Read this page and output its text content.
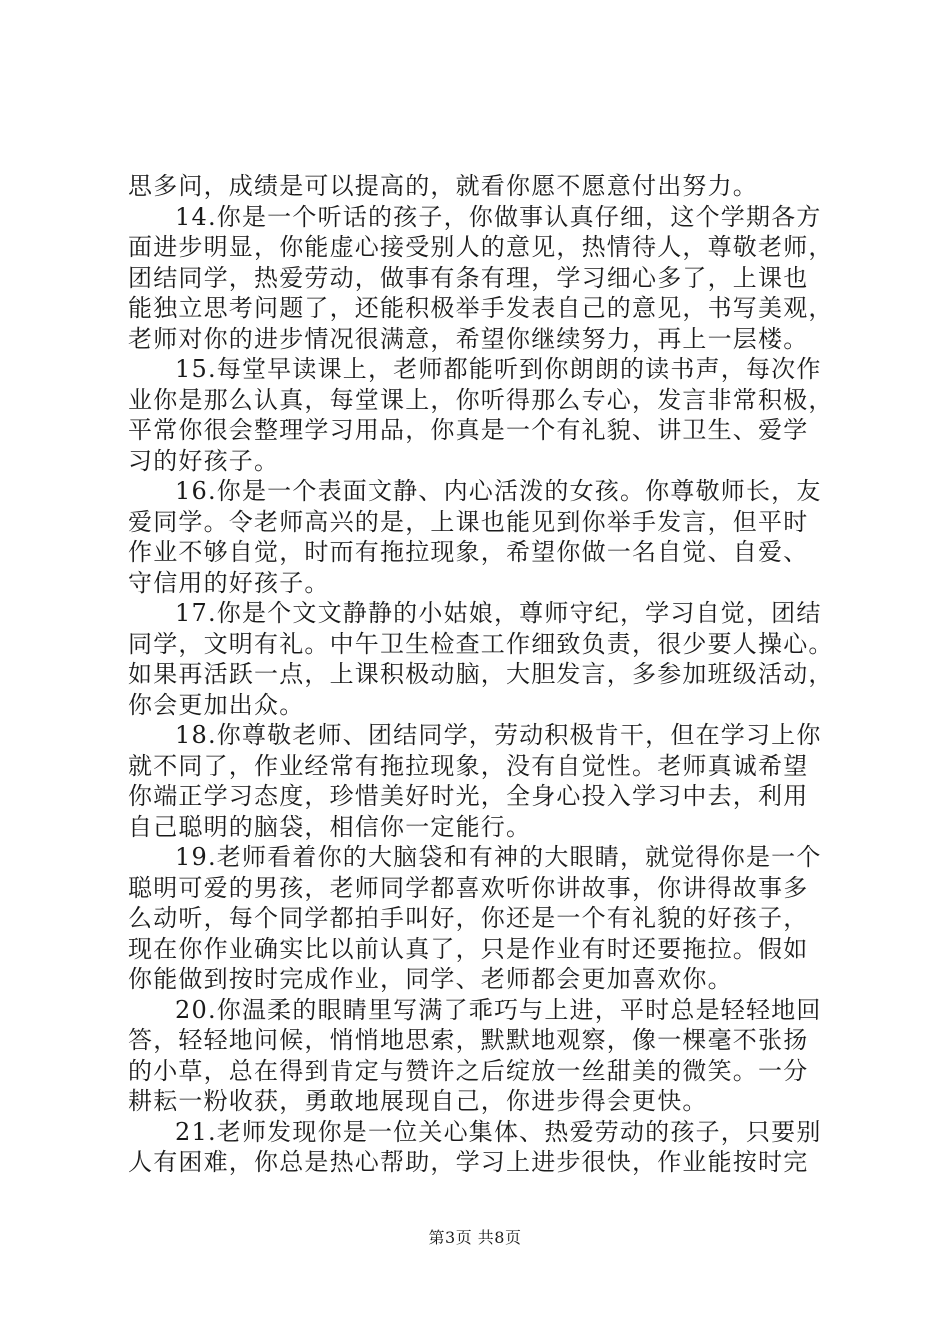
思多问，成绩是可以提高的，就看你愿不愿意付出努力。
14.你是一个听话的孩子，你做事认真仔细，这个学期各方
面进步明显，你能虚心接受别人的意见，热情待人，尊敬老师，
团结同学，热爱劳动，做事有条有理，学习细心多了，上课也
能独立思考问题了，还能积极举手发表自己的意见，书写美观，
老师对你的进步情况很满意，希望你继续努力，再上一层楼。
15.每堂早读课上，老师都能听到你朗朗的读书声，每次作
业你是那么认真，每堂课上，你听得那么专心，发言非常积极，
平常你很会整理学习用品，你真是一个有礼貌、讲卫生、爱学
习的好孩子。
16.你是一个表面文静、内心活泼的女孩。你尊敬师长，友
爱同学。令老师高兴的是，上课也能见到你举手发言，但平时
作业不够自觉，时而有拖拉现象，希望你做一名自觉、自爱、
守信用的好孩子。
17.你是个文文静静的小姑娘，尊师守纪，学习自觉，团结
同学，文明有礼。中午卫生检查工作细致负责，很少要人操心。
如果再活跃一点，上课积极动脑，大胆发言，多参加班级活动，
你会更加出众。
18.你尊敬老师、团结同学，劳动积极肯干，但在学习上你
就不同了，作业经常有拖拉现象，没有自觉性。老师真诚希望
你端正学习态度，珍惜美好时光，全身心投入学习中去，利用
自己聪明的脑袋，相信你一定能行。
19.老师看着你的大脑袋和有神的大眼睛，就觉得你是一个
聪明可爱的男孩，老师同学都喜欢听你讲故事，你讲得故事多
么动听，每个同学都拍手叫好，你还是一个有礼貌的好孩子，
现在你作业确实比以前认真了，只是作业有时还要拖拉。假如
你能做到按时完成作业，同学、老师都会更加喜欢你。
20.你温柔的眼睛里写满了乖巧与上进，平时总是轻轻地回
答，轻轻地问候，悄悄地思索，默默地观察，像一棵毫不张扬
的小草，总在得到肯定与赞许之后绽放一丝甜美的微笑。一分
耕耘一粉收获，勇敢地展现自己，你进步得会更快。
21.老师发现你是一位关心集体、热爱劳动的孩子，只要别
人有困难，你总是热心帮助，学习上进步很快，作业能按时完
第3页 共8页
